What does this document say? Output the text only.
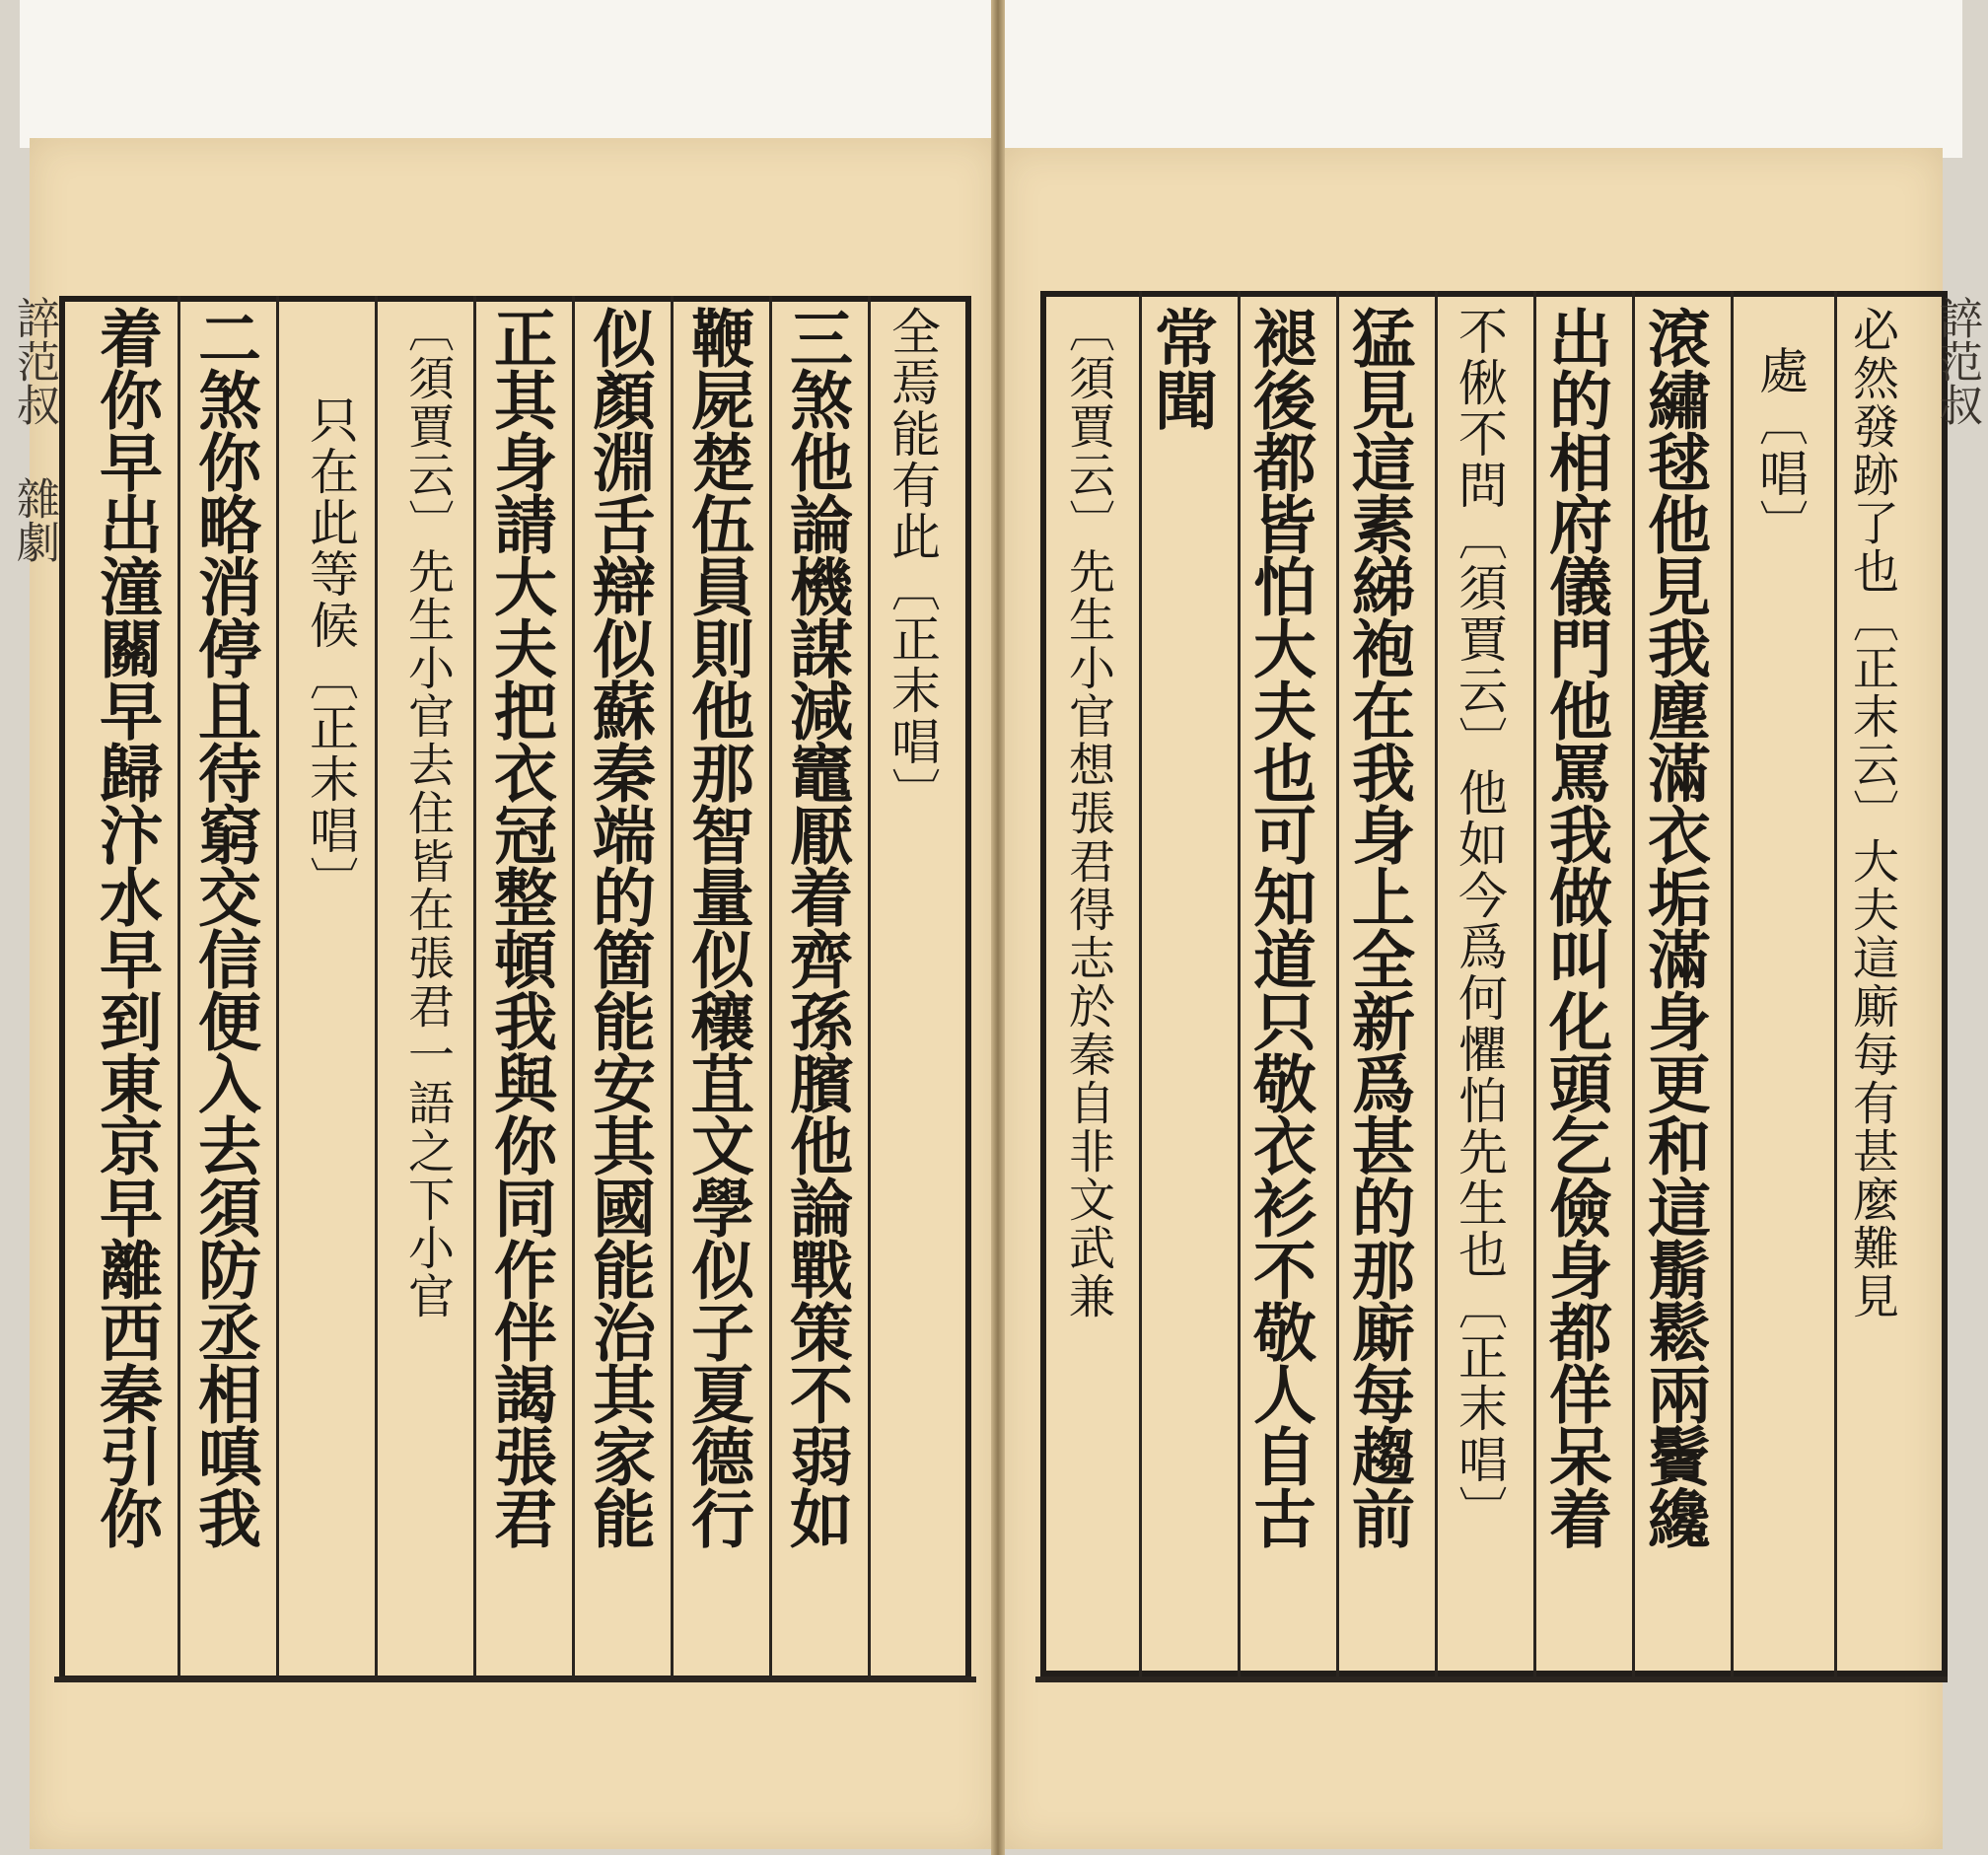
全焉能有此〔正末唱〕
三煞他論機謀減竈厭着齊孫臏他論戰策不弱如
鞭屍楚伍員則他那智量似穰苴文學似子夏德行
似顏淵舌辯似蘇秦端的箇能安其國能治其家能
正其身請大夫把衣冠整頓我與你同作伴謁張君
〔須賈云〕先生小官去住皆在張君一語之下小官
只在此等候〔正末唱〕
二煞你略消停且待窮交信便入去須防丞相嗔我
着你早出潼關早歸汴水早到東京早離西秦引你	必然發跡了也〔正末云〕大夫這廝每有甚麼難見
處〔唱〕
滾繡毬他見我塵滿衣垢滿身更和這鬅鬆兩鬢纔
出的相府儀門他罵我做叫化頭乞儉身都佯呆着
不偢不問〔須賈云〕他如今爲何懼怕先生也〔正末唱〕
猛見這素綈袍在我身上全新爲甚的那廝每趨前
褪後都皆怕大夫也可知道只敬衣衫不敬人自古
常聞
〔須賈云〕先生小官想張君得志於秦自非文武兼
誶范叔 雜劇	誶范叔
